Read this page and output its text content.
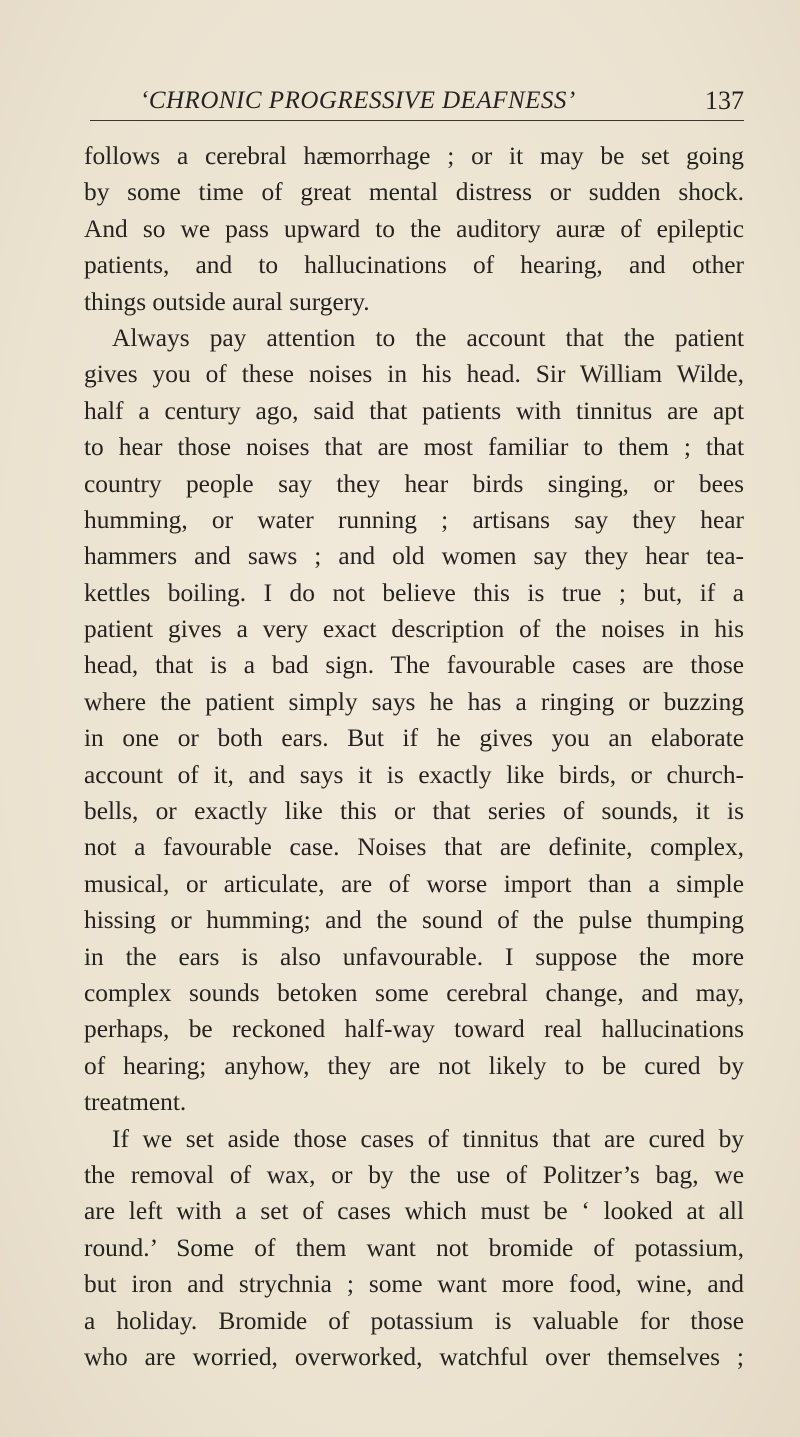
‘CHRONIC PROGRESSIVE DEAFNESS’	137
follows a cerebral hæmorrhage ; or it may be set going
by some time of great mental distress or sudden shock.
And so we pass upward to the auditory auræ of epileptic
patients, and to hallucinations of hearing, and other
things outside aural surgery.
Always pay attention to the account that the patient
gives you of these noises in his head. Sir William Wilde,
half a century ago, said that patients with tinnitus are apt
to hear those noises that are most familiar to them ; that
country people say they hear birds singing, or bees
humming, or water running ; artisans say they hear
hammers and saws ; and old women say they hear tea-
kettles boiling. I do not believe this is true ; but, if a
patient gives a very exact description of the noises in his
head, that is a bad sign. The favourable cases are those
where the patient simply says he has a ringing or buzzing
in one or both ears. But if he gives you an elaborate
account of it, and says it is exactly like birds, or church-
bells, or exactly like this or that series of sounds, it is
not a favourable case. Noises that are definite, complex,
musical, or articulate, are of worse import than a simple
hissing or humming; and the sound of the pulse thumping
in the ears is also unfavourable. I suppose the more
complex sounds betoken some cerebral change, and may,
perhaps, be reckoned half-way toward real hallucinations
of hearing; anyhow, they are not likely to be cured by
treatment.
If we set aside those cases of tinnitus that are cured by
the removal of wax, or by the use of Politzer’s bag, we
are left with a set of cases which must be ‘ looked at all
round.’ Some of them want not bromide of potassium,
but iron and strychnia ; some want more food, wine, and
a holiday. Bromide of potassium is valuable for those
who are worried, overworked, watchful over themselves ;
